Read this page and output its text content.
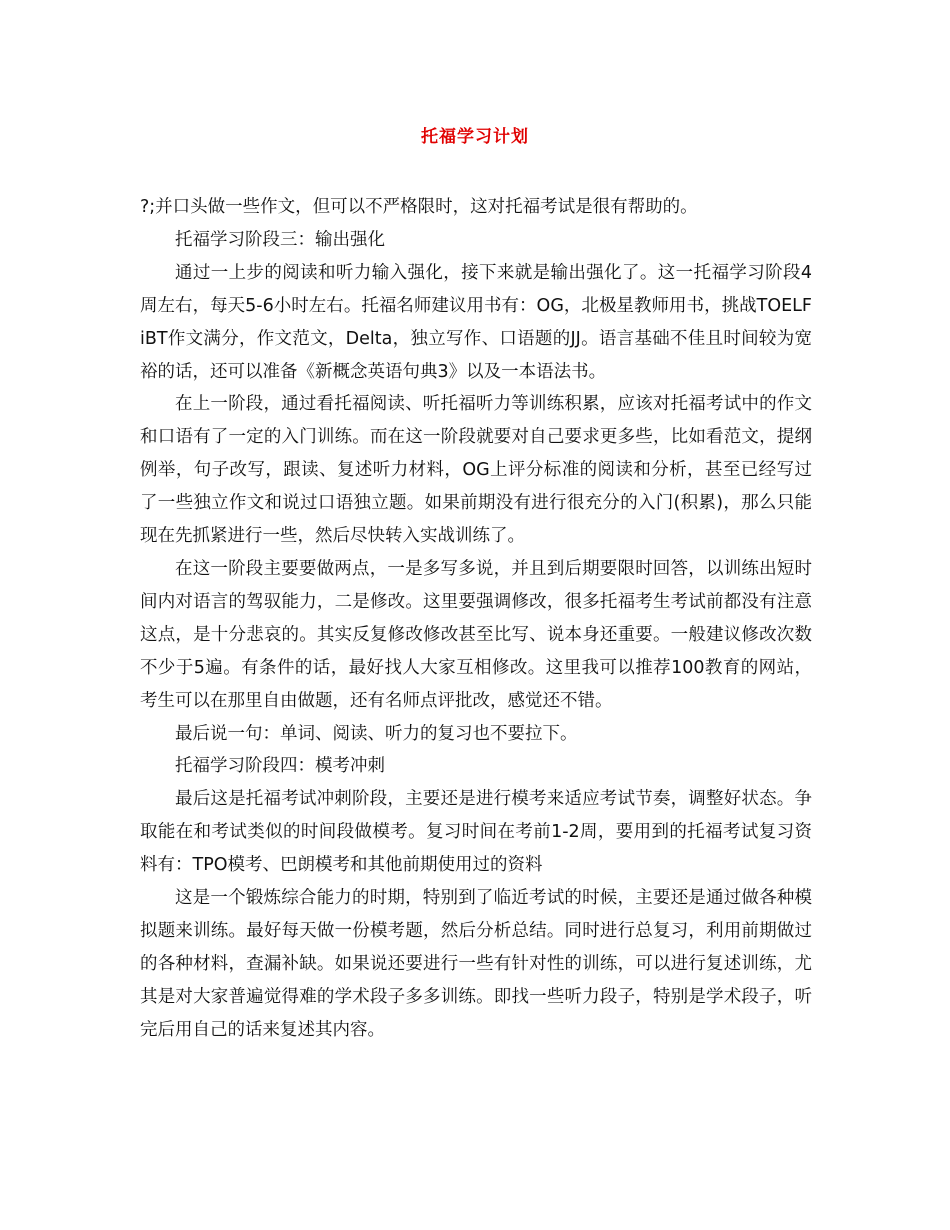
托福学习计划

?;并口头做一些作文，但可以不严格限时，这对托福考试是很有帮助的。

托福学习阶段三：输出强化

通过一上步的阅读和听力输入强化，接下来就是输出强化了。这一托福学习阶段4周左右，每天5-6小时左右。托福名师建议用书有：OG，北极星教师用书，挑战TOELF iBT作文满分，作文范文，Delta，独立写作、口语题的JJ。语言基础不佳且时间较为宽裕的话，还可以准备《新概念英语句典3》以及一本语法书。

在上一阶段，通过看托福阅读、听托福听力等训练积累，应该对托福考试中的作文和口语有了一定的入门训练。而在这一阶段就要对自己要求更多些，比如看范文，提纲例举，句子改写，跟读、复述听力材料，OG上评分标准的阅读和分析，甚至已经写过了一些独立作文和说过口语独立题。如果前期没有进行很充分的入门(积累)，那么只能现在先抓紧进行一些，然后尽快转入实战训练了。

在这一阶段主要要做两点，一是多写多说，并且到后期要限时回答，以训练出短时间内对语言的驾驭能力，二是修改。这里要强调修改，很多托福考生考试前都没有注意这点，是十分悲哀的。其实反复修改修改甚至比写、说本身还重要。一般建议修改次数不少于5遍。有条件的话，最好找人大家互相修改。这里我可以推荐100教育的网站，考生可以在那里自由做题，还有名师点评批改，感觉还不错。

最后说一句：单词、阅读、听力的复习也不要拉下。

托福学习阶段四：模考冲刺

最后这是托福考试冲刺阶段，主要还是进行模考来适应考试节奏，调整好状态。争取能在和考试类似的时间段做模考。复习时间在考前1-2周，要用到的托福考试复习资料有：TPO模考、巴朗模考和其他前期使用过的资料

这是一个锻炼综合能力的时期，特别到了临近考试的时候，主要还是通过做各种模拟题来训练。最好每天做一份模考题，然后分析总结。同时进行总复习，利用前期做过的各种材料，查漏补缺。如果说还要进行一些有针对性的训练，可以进行复述训练，尤其是对大家普遍觉得难的学术段子多多训练。即找一些听力段子，特别是学术段子，听完后用自己的话来复述其内容。
